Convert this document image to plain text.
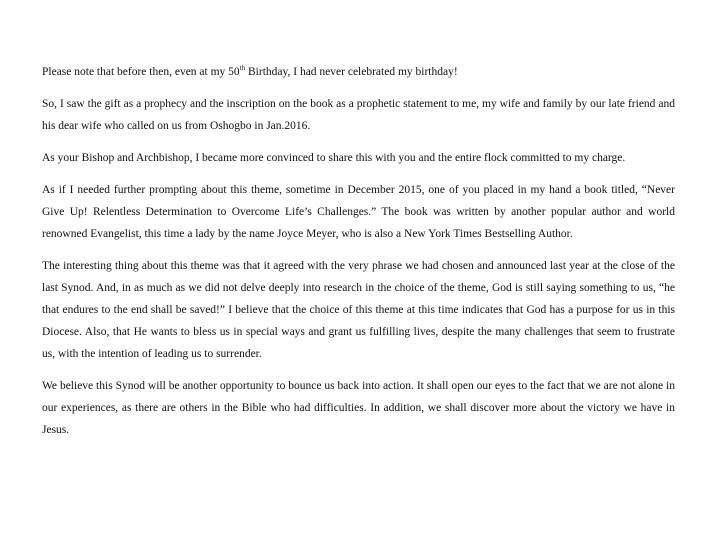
Please note that before then, even at my 50th Birthday, I had never celebrated my birthday!

So, I saw the gift as a prophecy and the inscription on the book as a prophetic statement to me, my wife and family by our late friend and his dear wife who called on us from Oshogbo in Jan.2016.

As your Bishop and Archbishop, I became more convinced to share this with you and the entire flock committed to my charge.

As if I needed further prompting about this theme, sometime in December 2015, one of you placed in my hand a book titled, “Never Give Up! Relentless Determination to Overcome Life’s Challenges.” The book was written by another popular author and world renowned Evangelist, this time a lady by the name Joyce Meyer, who is also a New York Times Bestselling Author.

The interesting thing about this theme was that it agreed with the very phrase we had chosen and announced last year at the close of the last Synod. And, in as much as we did not delve deeply into research in the choice of the theme, God is still saying something to us, “he that endures to the end shall be saved!” I believe that the choice of this theme at this time indicates that God has a purpose for us in this Diocese. Also, that He wants to bless us in special ways and grant us fulfilling lives, despite the many challenges that seem to frustrate us, with the intention of leading us to surrender.

We believe this Synod will be another opportunity to bounce us back into action. It shall open our eyes to the fact that we are not alone in our experiences, as there are others in the Bible who had difficulties. In addition, we shall discover more about the victory we have in Jesus.
